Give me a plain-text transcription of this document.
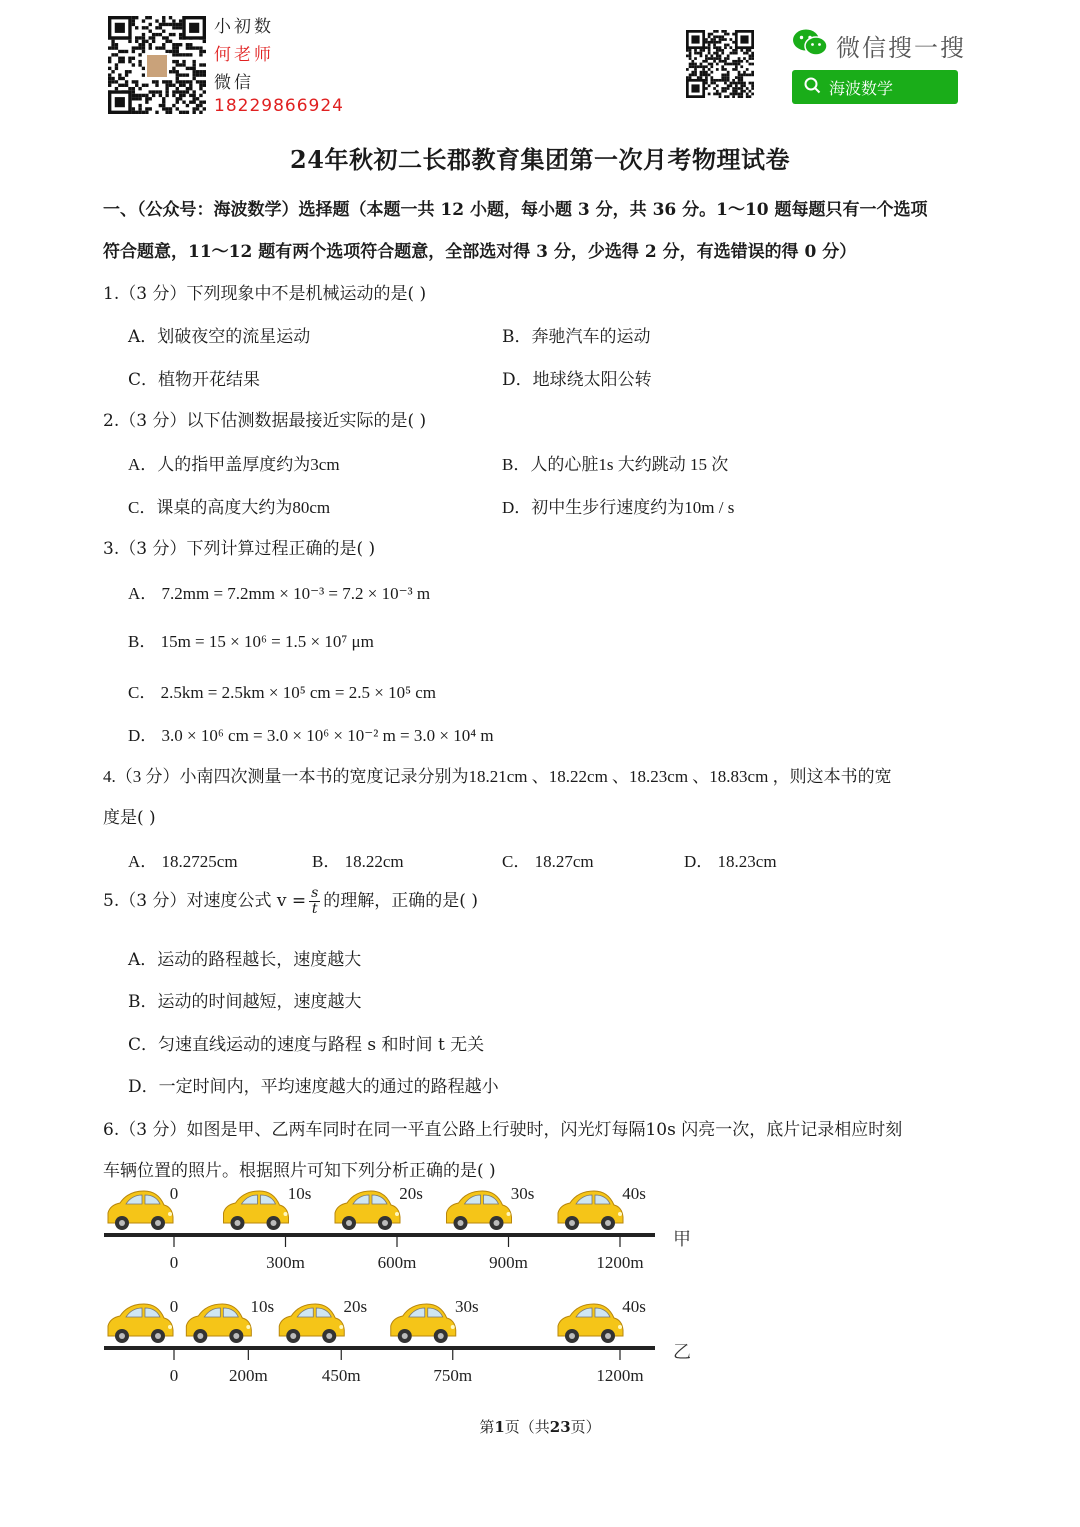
小初数
何老师
微信
18229866924
微信搜一搜
海波数学
24年秋初二长郡教育集团第一次月考物理试卷
一、（公众号：海波数学）选择题（本题一共 12 小题，每小题 3 分，共 36 分。1～10 题每题只有一个选项
符合题意，11～12 题有两个选项符合题意，全部选对得 3 分，少选得 2 分，有选错误的得 0 分）
1.（3 分）下列现象中不是机械运动的是( )
A．划破夜空的流星运动	B．奔驰汽车的运动
C．植物开花结果	D．地球绕太阳公转
2.（3 分）以下估测数据最接近实际的是( )
A．人的指甲盖厚度约为3cm	B．人的心脏1s 大约跳动 15 次
C．课桌的高度大约为80cm	D．初中生步行速度约为10m / s
3.（3 分）下列计算过程正确的是( )
A． 7.2mm = 7.2mm × 10⁻³ = 7.2 × 10⁻³ m
B． 15m = 15 × 10⁶ = 1.5 × 10⁷ μm
C． 2.5km = 2.5km × 10⁵ cm = 2.5 × 10⁵ cm
D． 3.0 × 10⁶ cm = 3.0 × 10⁶ × 10⁻² m = 3.0 × 10⁴ m
4.（3 分）小南四次测量一本书的宽度记录分别为18.21cm 、18.22cm 、18.23cm 、18.83cm ，则这本书的宽
度是( )
A． 18.2725cm	B． 18.22cm	C． 18.27cm	D． 18.23cm
5.（3 分）对速度公式 $v = \frac{s}{t}$ 的理解，正确的是( )
A．运动的路程越长，速度越大
B．运动的时间越短，速度越大
C．匀速直线运动的速度与路程 s 和时间 t 无关
D．一定时间内，平均速度越大的通过的路程越小
6.（3 分）如图是甲、乙两车同时在同一平直公路上行驶时，闪光灯每隔10s 闪亮一次，底片记录相应时刻
车辆位置的照片。根据照片可知下列分析正确的是( )
0
0
300m
10s
600m
20s
900m
30s
1200m
40s
甲
0
0
200m
10s
450m
20s
750m
30s
1200m
40s
乙
第1页（共23页）
